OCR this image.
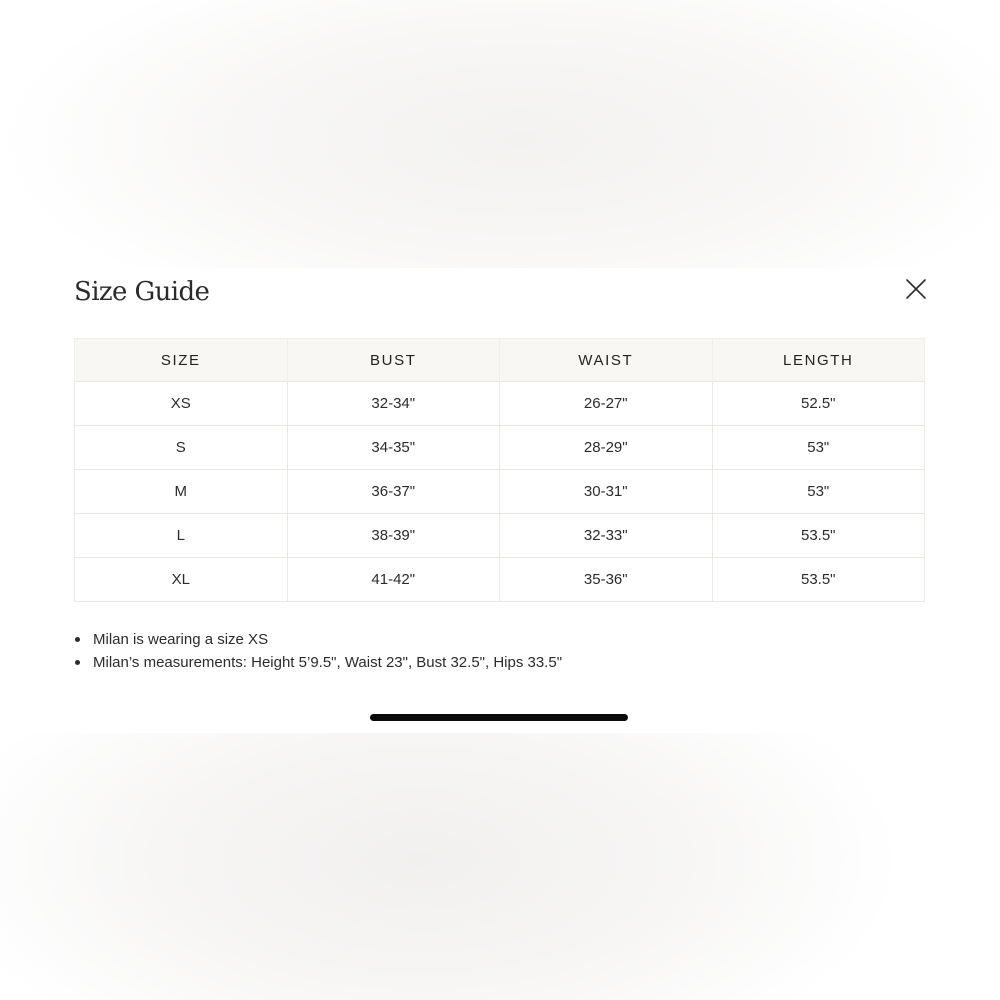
Size Guide
SIZE	BUST	WAIST	LENGTH
XS	32-34"	26-27"	52.5"
S	34-35"	28-29"	53"
M	36-37"	30-31"	53"
L	38-39"	32-33"	53.5"
XL	41-42"	35-36"	53.5"
Milan is wearing a size XS
Milan’s measurements: Height 5’9.5", Waist 23", Bust 32.5", Hips 33.5"
